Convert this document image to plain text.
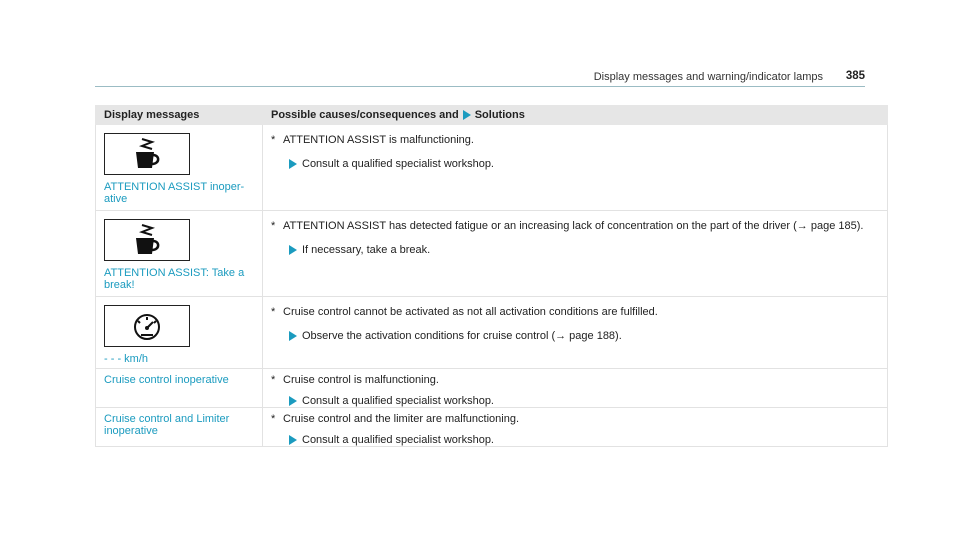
Display messages and warning/indicator lamps 385
Display messages	Possible causes/consequences and Solutions

ATTENTION ASSIST inoper-ative	* ATTENTION ASSIST is malfunctioning.
Consult a qualified specialist workshop.

ATTENTION ASSIST: Take a break!	* ATTENTION ASSIST has detected fatigue or an increasing lack of concentration on the part of the driver (→ page 185).
If necessary, take a break.

- - - km/h	* Cruise control cannot be activated as not all activation conditions are fulfilled.
Observe the activation conditions for cruise control (→ page 188).

Cruise control inoperative	* Cruise control is malfunctioning.
Consult a qualified specialist workshop.

Cruise control and Limiter inoperative	* Cruise control and the limiter are malfunctioning.
Consult a qualified specialist workshop.
